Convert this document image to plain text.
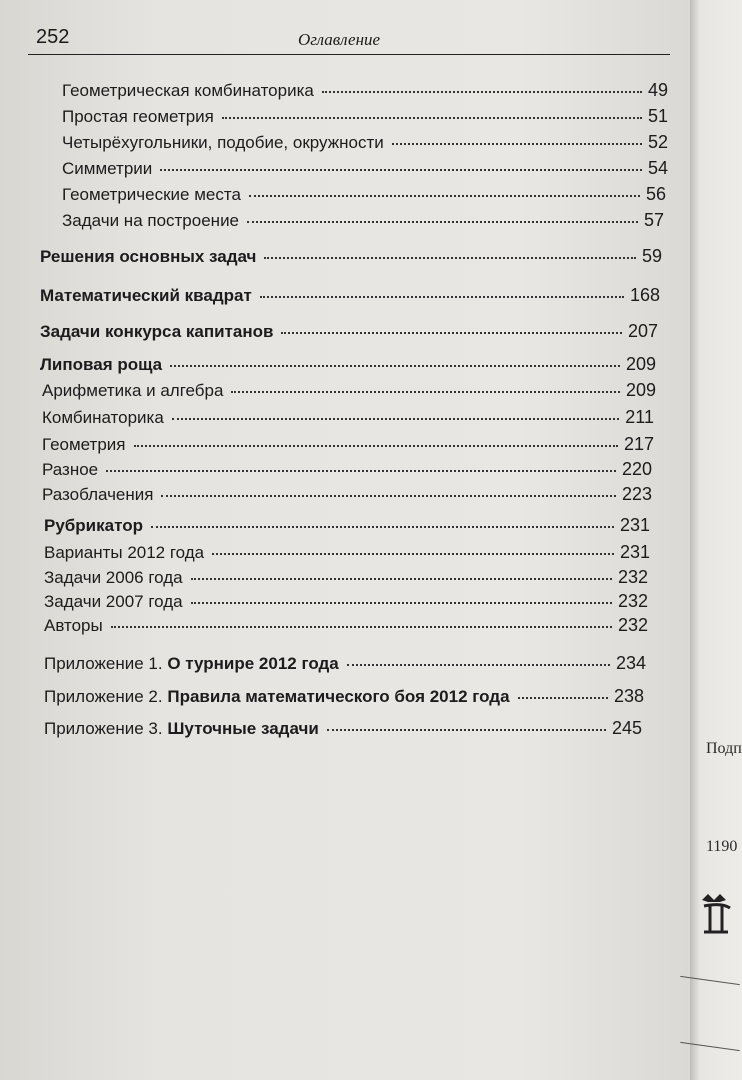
Подп
1190
252	Оглавление
Геометрическая комбинаторика	49
Простая геометрия	51
Четырёхугольники, подобие, окружности	52
Симметрии	54
Геометрические места	56
Задачи на построение	57
Решения основных задач	59
Математический квадрат	168
Задачи конкурса капитанов	207
Липовая роща	209
Арифметика и алгебра	209
Комбинаторика	211
Геометрия	217
Разное	220
Разоблачения	223
Рубрикатор	231
Варианты 2012 года	231
Задачи 2006 года	232
Задачи 2007 года	232
Авторы	232
Приложение 1. О турнире 2012 года	234
Приложение 2. Правила математического боя 2012 года	238
Приложение 3. Шуточные задачи	245
